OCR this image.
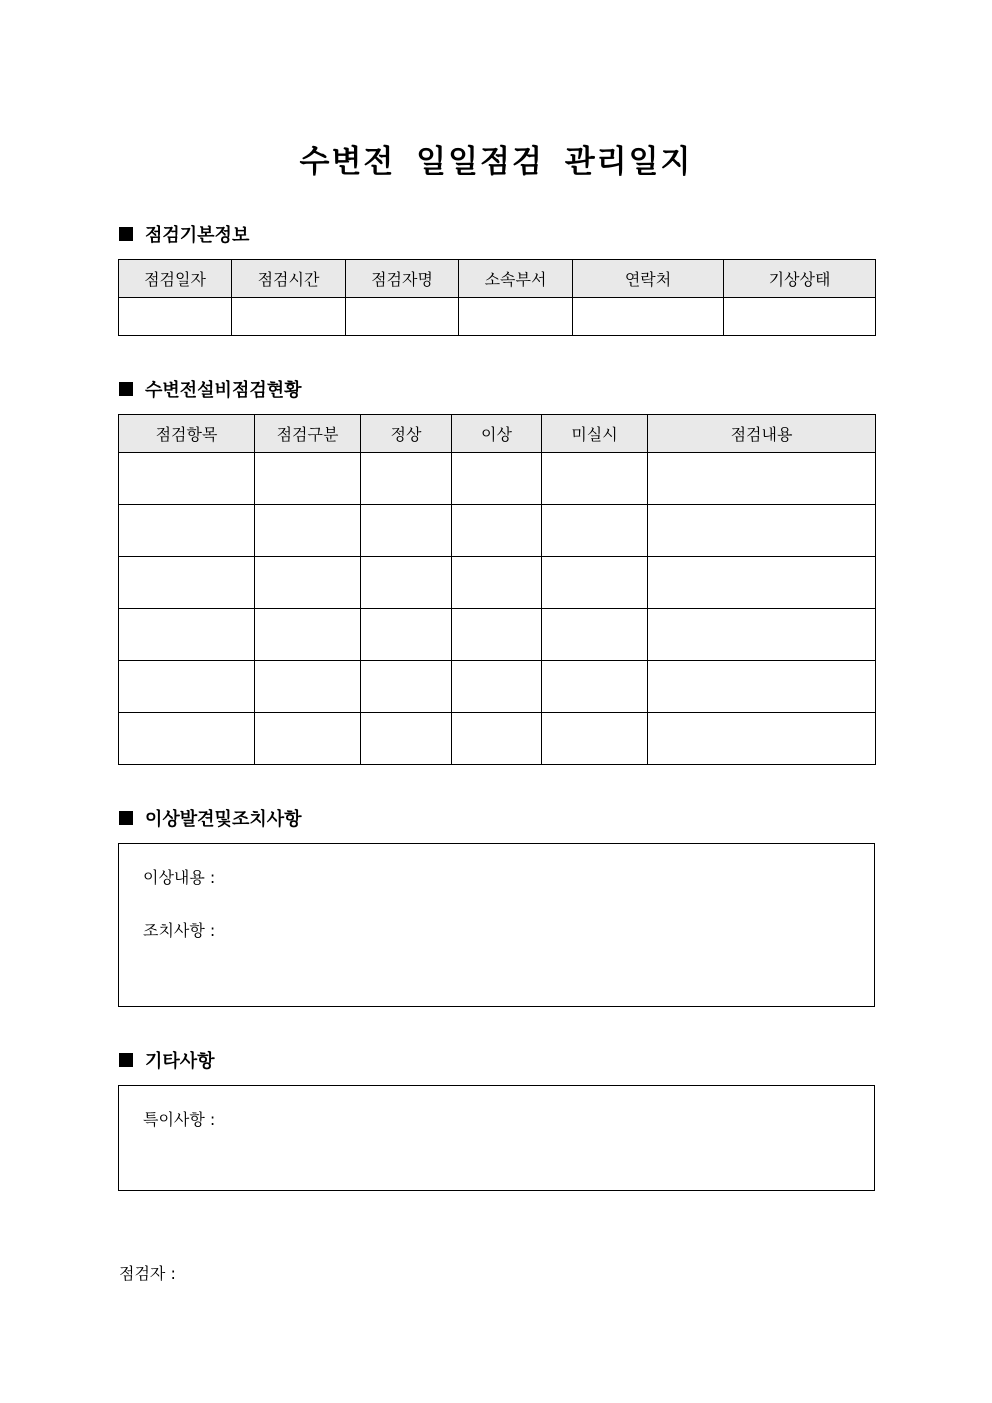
수변전 일일점검 관리일지
점검기본정보
점검일자	점검시간	점검자명	소속부서	연락처	기상상태

수변전설비점검현황
점검항목	점검구분	정상	이상	미실시	점검내용

이상발견및조치사항
이상내용 :
조치사항 :
기타사항
특이사항 :
점검자 :
